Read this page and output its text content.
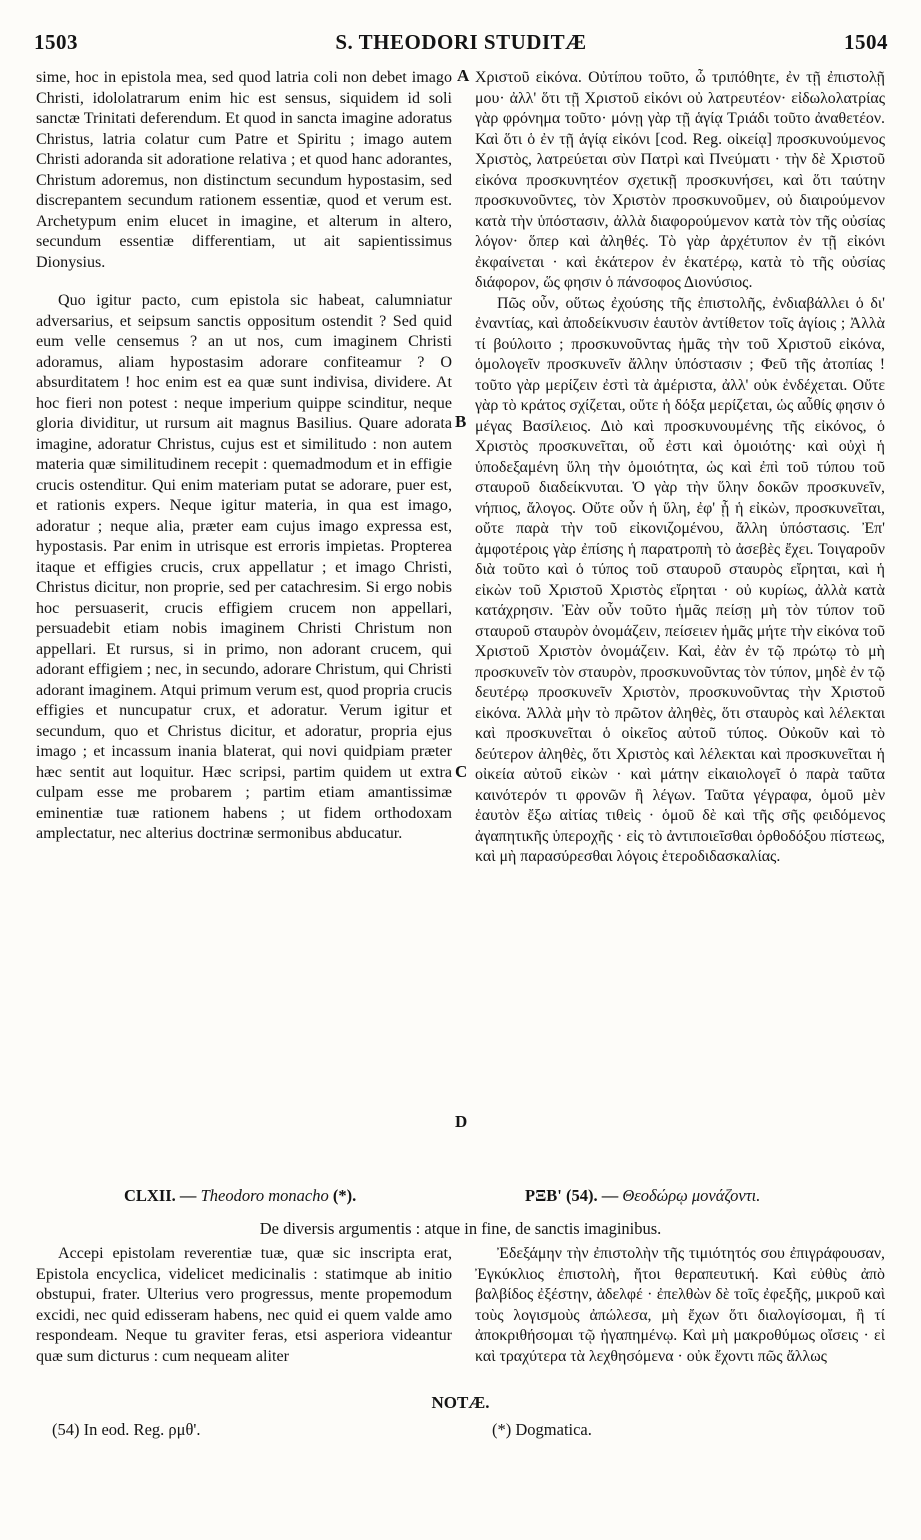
1503	S. THEODORI STUDITÆ	1504

sime, hoc in epistola mea, sed quod latria coli non debet imago Christi, idololatrarum enim hic est sensus, siquidem id soli sanctæ Trinitati deferendum. Et quod in sancta imagine adoratus Christus, latria colatur cum Patre et Spiritu ; imago autem Christi adoranda sit adoratione relativa ; et quod hanc adorantes, Christum adoremus, non distinctum secundum hypostasim, sed discrepantem secundum rationem essentiæ, quod et verum est. Archetypum enim elucet in imagine, et alterum in altero, secundum essentiæ differentiam, ut ait sapientissimus Dionysius.

Quo igitur pacto, cum epistola sic habeat, calumniatur adversarius, et seipsum sanctis oppositum ostendit ? Sed quid eum velle censemus ? an ut nos, cum imaginem Christi adoramus, aliam hypostasim adorare confiteamur ? O absurditatem ! hoc enim est ea quæ sunt indivisa, dividere. At hoc fieri non potest : neque imperium quippe scinditur, neque gloria dividitur, ut rursum ait magnus Basilius. Quare adorata imagine, adoratur Christus, cujus est et similitudo : non autem materia quæ similitudinem recepit : quemadmodum et in effigie crucis ostenditur. Qui enim materiam putat se adorare, puer est, et rationis expers. Neque igitur materia, in qua est imago, adoratur ; neque alia, præter eam cujus imago expressa est, hypostasis. Par enim in utrisque est erroris impietas. Propterea itaque et effigies crucis, crux appellatur ; et imago Christi, Christus dicitur, non proprie, sed per catachresim. Si ergo nobis hoc persuaserit, crucis effigiem crucem non appellari, persuadebit etiam nobis imaginem Christi Christum non appellari. Et rursus, si in primo, non adorant crucem, qui adorant effigiem ; nec, in secundo, adorare Christum, qui Christi adorant imaginem. Atqui primum verum est, quod propria crucis effigies et nuncupatur crux, et adoratur. Verum igitur et secundum, quo et Christus dicitur, et adoratur, propria ejus imago ; et incassum inania blaterat, qui novi quidpiam præter hæc sentit aut loquitur. Hæc scripsi, partim quidem ut extra culpam esse me probarem ; partim etiam amantissimæ eminentiæ tuæ rationem habens ; ut fidem orthodoxam amplectatur, nec alterius doctrinæ sermonibus abducatur.

Χριστοῦ εἰκόνα. Οὐτίπου τοῦτο, ὦ τριπόθητε, ἐν τῇ ἐπιστολῇ μου· ἀλλ' ὅτι τῇ Χριστοῦ εἰκόνι οὐ λατρευτέον· εἰδωλολατρίας γὰρ φρόνημα τοῦτο· μόνῃ γὰρ τῇ ἁγίᾳ Τριάδι τοῦτο ἀναθετέον. Καὶ ὅτι ὁ ἐν τῇ ἁγίᾳ εἰκόνι [cod. Reg. οἰκείᾳ] προσκυνούμενος Χριστὸς, λατρεύεται σὺν Πατρὶ καὶ Πνεύματι · τὴν δὲ Χριστοῦ εἰκόνα προσκυνητέον σχετικῇ προσκυνήσει, καὶ ὅτι ταύτην προσκυνοῦντες, τὸν Χριστὸν προσκυνοῦμεν, οὐ διαιρούμενον κατὰ τὴν ὑπόστασιν, ἀλλὰ διαφορούμενον κατὰ τὸν τῆς οὐσίας λόγον· ὅπερ καὶ ἀληθές. Τὸ γὰρ ἀρχέτυπον ἐν τῇ εἰκόνι ἐκφαίνεται · καὶ ἑκάτερον ἐν ἑκατέρῳ, κατὰ τὸ τῆς οὐσίας διάφορον, ὥς φησιν ὁ πάνσοφος Διονύσιος.

Πῶς οὖν, οὕτως ἐχούσης τῆς ἐπιστολῆς, ἐνδιαβάλλει ὁ δι' ἐναντίας, καὶ ἀποδείκνυσιν ἑαυτὸν ἀντίθετον τοῖς ἁγίοις ; Ἀλλὰ τί βούλοιτο ; προσκυνοῦντας ἡμᾶς τὴν τοῦ Χριστοῦ εἰκόνα, ὁμολογεῖν προσκυνεῖν ἄλλην ὑπόστασιν ; Φεῦ τῆς ἀτοπίας ! τοῦτο γὰρ μερίζειν ἐστὶ τὰ ἀμέριστα, ἀλλ' οὐκ ἐνδέχεται. Οὔτε γὰρ τὸ κράτος σχίζεται, οὔτε ἡ δόξα μερίζεται, ὡς αὖθίς φησιν ὁ μέγας Βασίλειος. Διὸ καὶ προσκυνουμένης τῆς εἰκόνος, ὁ Χριστὸς προσκυνεῖται, οὗ ἐστι καὶ ὁμοιότης· καὶ οὐχὶ ἡ ὑποδεξαμένη ὕλη τὴν ὁμοιότητα, ὡς καὶ ἐπὶ τοῦ τύπου τοῦ σταυροῦ διαδείκνυται. Ὁ γὰρ τὴν ὕλην δοκῶν προσκυνεῖν, νήπιος, ἄλογος. Οὔτε οὖν ἡ ὕλη, ἐφ' ᾗ ἡ εἰκὼν, προσκυνεῖται, οὔτε παρὰ τὴν τοῦ εἰκονιζομένου, ἄλλη ὑπόστασις. Ἐπ' ἀμφοτέροις γὰρ ἐπίσης ἡ παρατροπὴ τὸ ἀσεβὲς ἔχει. Τοιγαροῦν διὰ τοῦτο καὶ ὁ τύπος τοῦ σταυροῦ σταυρὸς εἴρηται, καὶ ἡ εἰκὼν τοῦ Χριστοῦ Χριστὸς εἴρηται · οὐ κυρίως, ἀλλὰ κατὰ κατάχρησιν. Ἐὰν οὖν τοῦτο ἡμᾶς πείσῃ μὴ τὸν τύπον τοῦ σταυροῦ σταυρὸν ὀνομάζειν, πείσειεν ἡμᾶς μήτε τὴν εἰκόνα τοῦ Χριστοῦ Χριστὸν ὀνομάζειν. Καὶ, ἐὰν ἐν τῷ πρώτῳ τὸ μὴ προσκυνεῖν τὸν σταυρὸν, προσκυνοῦντας τὸν τύπον, μηδὲ ἐν τῷ δευτέρῳ προσκυνεῖν Χριστὸν, προσκυνοῦντας τὴν Χριστοῦ εἰκόνα. Ἀλλὰ μὴν τὸ πρῶτον ἀληθὲς, ὅτι σταυρὸς καὶ λέλεκται καὶ προσκυνεῖται ὁ οἰκεῖος αὐτοῦ τύπος. Οὐκοῦν καὶ τὸ δεύτερον ἀληθὲς, ὅτι Χριστὸς καὶ λέλεκται καὶ προσκυνεῖται ἡ οἰκεία αὐτοῦ εἰκὼν · καὶ μάτην εἰκαιολογεῖ ὁ παρὰ ταῦτα καινότερόν τι φρονῶν ἢ λέγων. Ταῦτα γέγραφα, ὁμοῦ μὲν ἑαυτὸν ἔξω αἰτίας τιθεὶς · ὁμοῦ δὲ καὶ τῆς σῆς φειδόμενος ἀγαπητικῆς ὑπεροχῆς · εἰς τὸ ἀντιποιεῖσθαι ὀρθοδόξου πίστεως, καὶ μὴ παρασύρεσθαι λόγοις ἑτεροδιδασκαλίας.

A
B
C
D
CLXII. — Theodoro monacho (*).	ΡΞΒ' (54). — Θεοδώρῳ μονάζοντι.
De diversis argumentis : atque in fine, de sanctis imaginibus.

Accepi epistolam reverentiæ tuæ, quæ sic inscripta erat, Epistola encyclica, videlicet medicinalis : statimque ab initio obstupui, frater. Ulterius vero progressus, mente propemodum excidi, nec quid edisseram habens, nec quid ei quem valde amo respondeam. Neque tu graviter feras, etsi asperiora videantur quæ sum dicturus : cum nequeam aliter

Ἐδεξάμην τὴν ἐπιστολὴν τῆς τιμιότητός σου ἐπιγράφουσαν, Ἐγκύκλιος ἐπιστολὴ, ἤτοι θεραπευτική. Καὶ εὐθὺς ἀπὸ βαλβίδος ἐξέστην, ἀδελφέ · ἐπελθὼν δὲ τοῖς ἐφεξῆς, μικροῦ καὶ τοὺς λογισμοὺς ἀπώλεσα, μὴ ἔχων ὅτι διαλογίσομαι, ἢ τί ἀποκριθήσομαι τῷ ἠγαπημένῳ. Καὶ μὴ μακροθύμως οἴσεις · εἰ καὶ τραχύτερα τὰ λεχθησόμενα · οὐκ ἔχοντι πῶς ἄλλως

NOTÆ.
(54) In eod. Reg. ρμθ'.	(*) Dogmatica.
